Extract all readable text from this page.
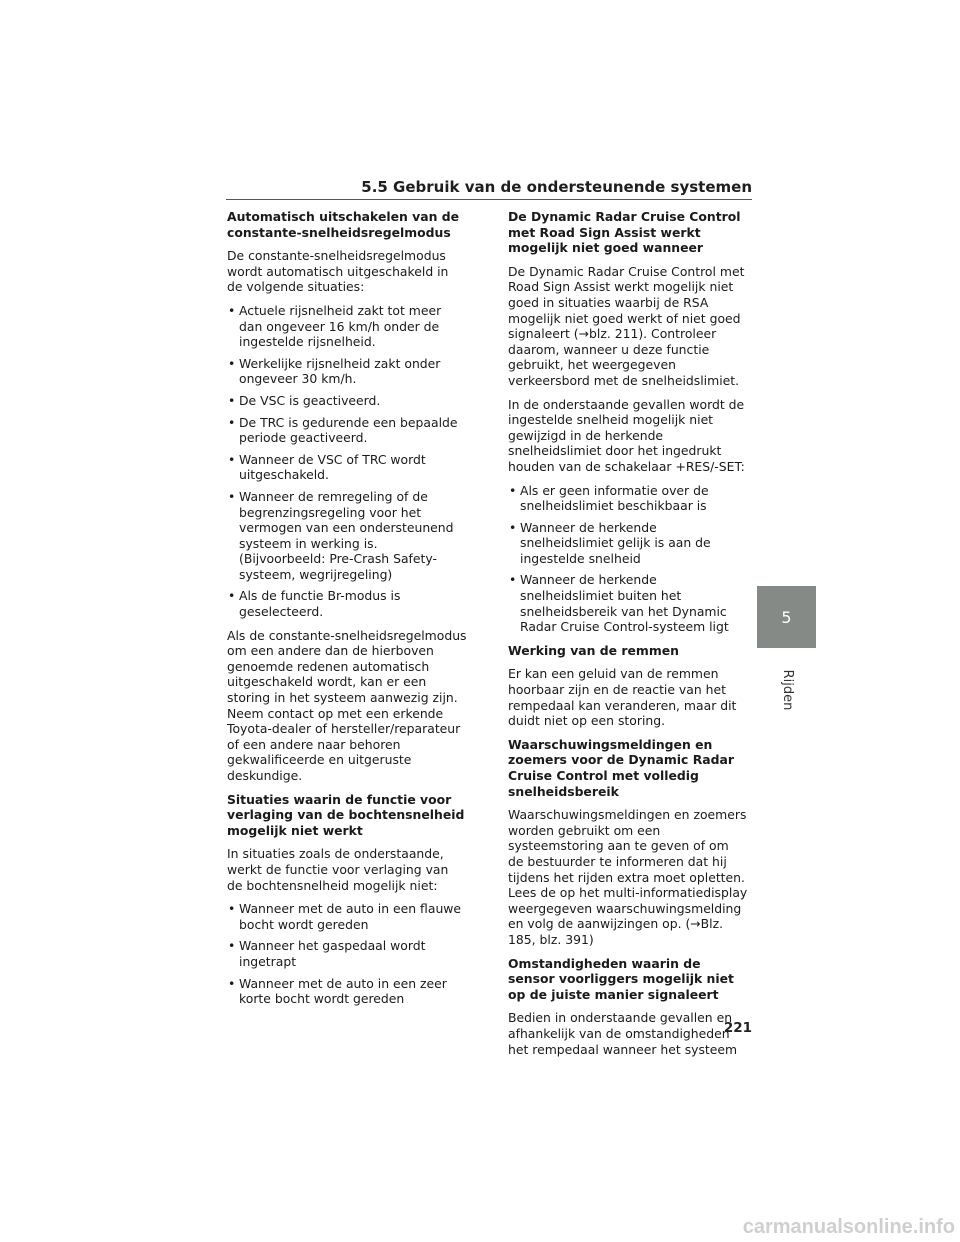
5.5 Gebruik van de ondersteunende systemen
Automatisch uitschakelen van de constante-snelheidsregelmodus

De constante-snelheidsregelmodus wordt automatisch uitgeschakeld in de volgende situaties:

• Actuele rijsnelheid zakt tot meer dan ongeveer 16 km/h onder de ingestelde rijsnelheid.
• Werkelijke rijsnelheid zakt onder ongeveer 30 km/h.
• De VSC is geactiveerd.
• De TRC is gedurende een bepaalde periode geactiveerd.
• Wanneer de VSC of TRC wordt uitgeschakeld.
• Wanneer de remregeling of de begrenzingsregeling voor het vermogen van een ondersteunend systeem in werking is. (Bijvoorbeeld: Pre-Crash Safety-systeem, wegrijregeling)
• Als de functie Br-modus is geselecteerd.

Als de constante-snelheidsregelmodus om een andere dan de hierboven genoemde redenen automatisch uitgeschakeld wordt, kan er een storing in het systeem aanwezig zijn. Neem contact op met een erkende Toyota-dealer of hersteller/reparateur of een andere naar behoren gekwalificeerde en uitgeruste deskundige.

Situaties waarin de functie voor verlaging van de bochtensnelheid mogelijk niet werkt

In situaties zoals de onderstaande, werkt de functie voor verlaging van de bochtensnelheid mogelijk niet:

• Wanneer met de auto in een flauwe bocht wordt gereden
• Wanneer het gaspedaal wordt ingetrapt
• Wanneer met de auto in een zeer korte bocht wordt gereden
De Dynamic Radar Cruise Control met Road Sign Assist werkt mogelijk niet goed wanneer

De Dynamic Radar Cruise Control met Road Sign Assist werkt mogelijk niet goed in situaties waarbij de RSA mogelijk niet goed werkt of niet goed signaleert (→blz. 211). Controleer daarom, wanneer u deze functie gebruikt, het weergegeven verkeersbord met de snelheidslimiet.

In de onderstaande gevallen wordt de ingestelde snelheid mogelijk niet gewijzigd in de herkende snelheidslimiet door het ingedrukt houden van de schakelaar +RES/-SET:

• Als er geen informatie over de snelheidslimiet beschikbaar is
• Wanneer de herkende snelheidslimiet gelijk is aan de ingestelde snelheid
• Wanneer de herkende snelheidslimiet buiten het snelheidsbereik van het Dynamic Radar Cruise Control-systeem ligt
Werking van de remmen

Er kan een geluid van de remmen hoorbaar zijn en de reactie van het rempedaal kan veranderen, maar dit duidt niet op een storing.

Waarschuwingsmeldingen en zoemers voor de Dynamic Radar Cruise Control met volledig snelheidsbereik

Waarschuwingsmeldingen en zoemers worden gebruikt om een systeemstoring aan te geven of om de bestuurder te informeren dat hij tijdens het rijden extra moet opletten. Lees de op het multi-informatiedisplay weergegeven waarschuwingsmelding en volg de aanwijzingen op. (→Blz. 185, blz. 391)

Omstandigheden waarin de sensor voorliggers mogelijk niet op de juiste manier signaleert

Bedien in onderstaande gevallen en afhankelijk van de omstandigheden het rempedaal wanneer het systeem

5
Rijden
221
carmanualsonline.info
